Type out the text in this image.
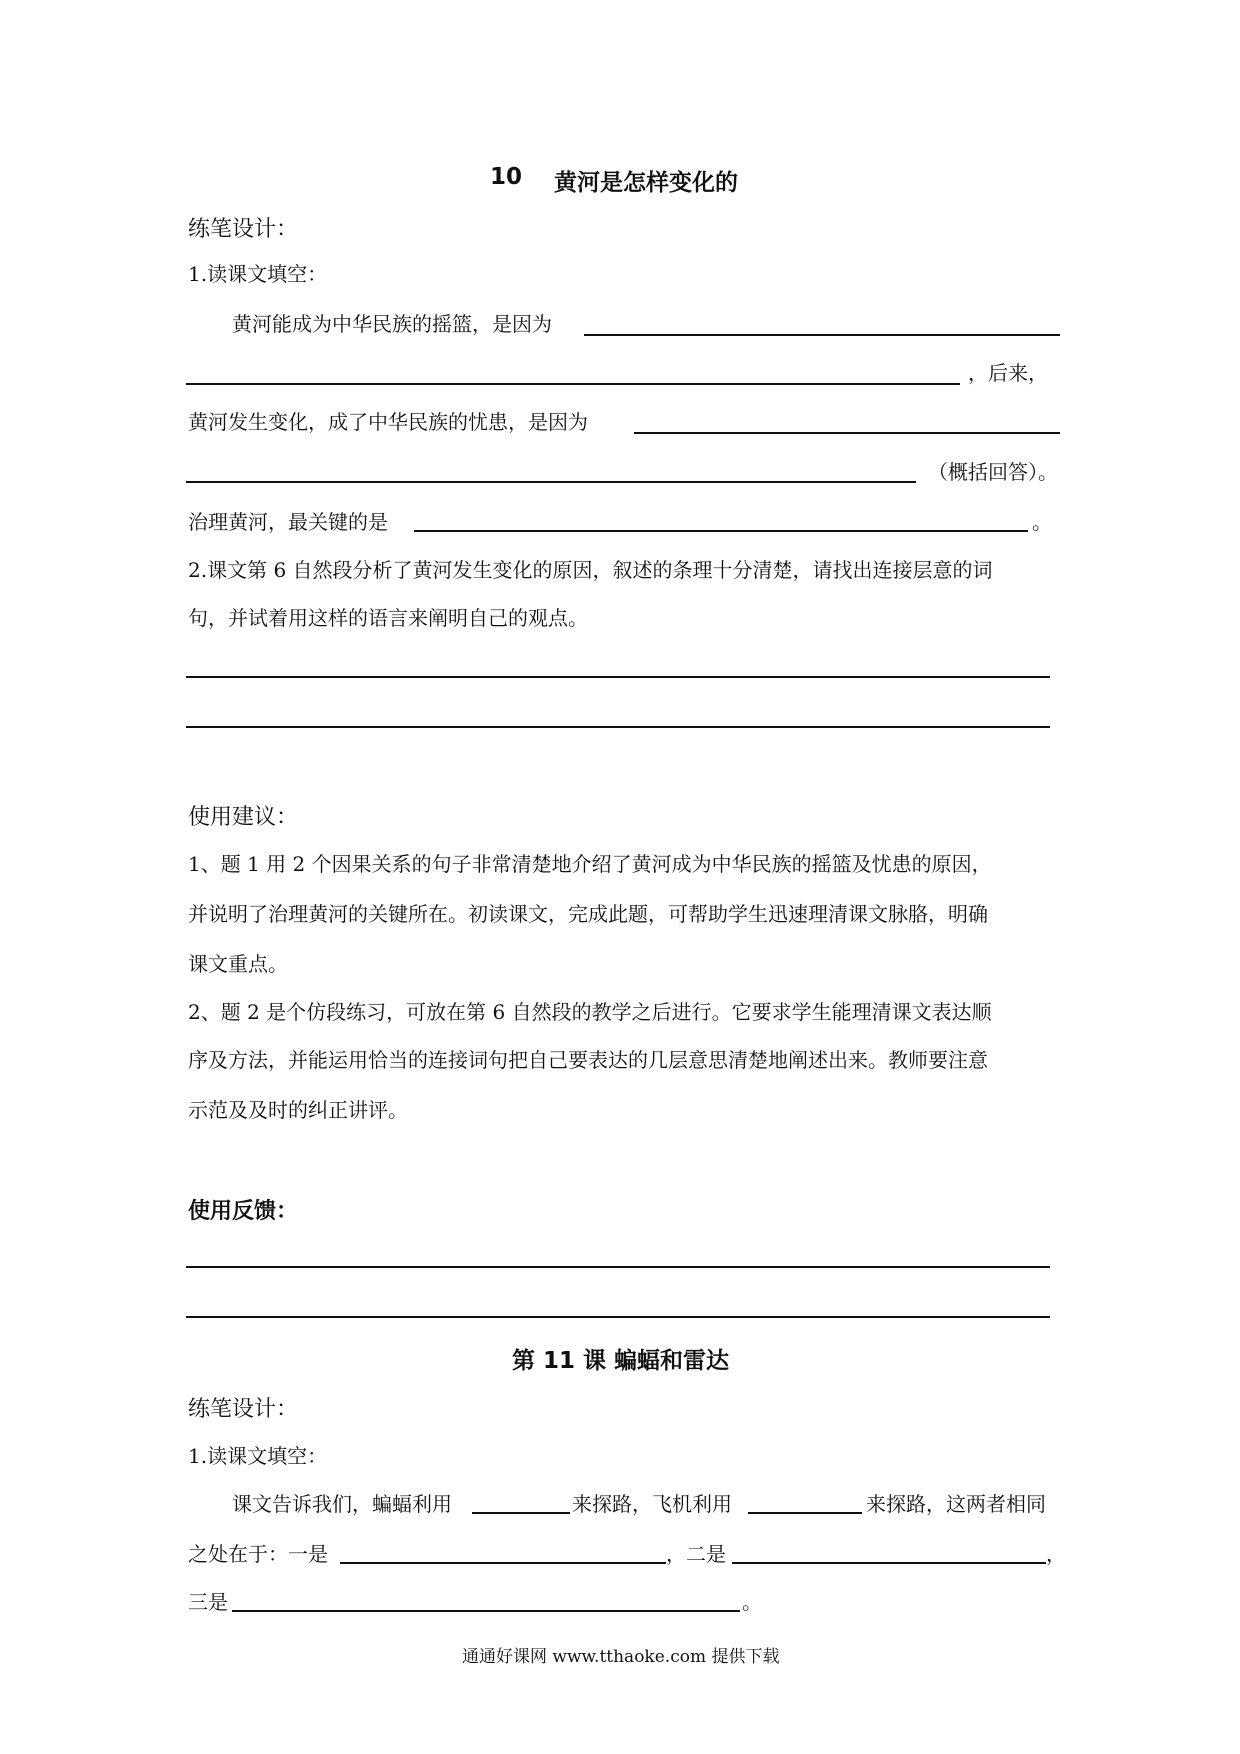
10 黄河是怎样变化的
练笔设计：
1.读课文填空：
黄河能成为中华民族的摇篮，是因为
，后来，
黄河发生变化，成了中华民族的忧患，是因为
（概括回答）。
治理黄河，最关键的是	。
2.课文第 6 自然段分析了黄河发生变化的原因，叙述的条理十分清楚，请找出连接层意的词
句，并试着用这样的语言来阐明自己的观点。
使用建议：
1、题 1 用 2 个因果关系的句子非常清楚地介绍了黄河成为中华民族的摇篮及忧患的原因，
并说明了治理黄河的关键所在。初读课文，完成此题，可帮助学生迅速理清课文脉胳，明确
课文重点。
2、题 2 是个仿段练习，可放在第 6 自然段的教学之后进行。它要求学生能理清课文表达顺
序及方法，并能运用恰当的连接词句把自己要表达的几层意思清楚地阐述出来。教师要注意
示范及及时的纠正讲评。
使用反馈：
第 11 课 蝙蝠和雷达
练笔设计：
1.读课文填空：
课文告诉我们，蝙蝠利用	来探路，飞机利用	来探路，这两者相同
之处在于：一是	，二是	，
三是	。
通通好课网 www.tthaoke.com 提供下载
